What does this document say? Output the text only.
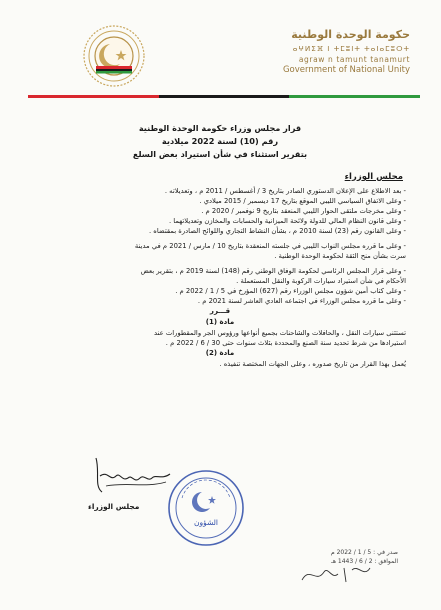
حكومة الوحدة الوطنية
ⴰⵖⵍⵉⴼ ⵏ ⵜⵎⵓⵏⵜ ⵜⴰⵏⴰⵎⵓⵔⵜ
agraw n tamunt tanamurt
Government of National Unity
قرار مجلس وزراء حكومة الوحدة الوطنية
رقم (10) لسنة 2022 ميلادية
بتقرير استثناء في شأن استيراد بعض السلع
مجلس الوزراء
- بعد الاطلاع على الإعلان الدستوري الصادر بتاريخ 3 / أغسطس / 2011 م ، وتعديلاته .
- وعلى الاتفاق السياسي الليبي الموقع بتاريخ 17 ديسمبر / 2015 ميلادي .
- وعلى مخرجات ملتقى الحوار الليبي المنعقد بتاريخ 9 نوفمبر / 2020 م .
- وعلى قانون النظام المالي للدولة ولائحة الميزانية والحسابات والمخازن وتعديلاتهما .
- وعلى القانون رقم (23) لسنة 2010 م ، بشأن النشاط التجاري واللوائح الصادرة بمقتضاه .
- وعلى ما قرره مجلس النواب الليبي في جلسته المنعقدة بتاريخ 10 / مارس / 2021 م في مدينة
سرت بشأن منح الثقة لحكومة الوحدة الوطنية .
- وعلى قرار المجلس الرئاسي لحكومة الوفاق الوطني رقم (148) لسنة 2019 م ، بتقرير بعض
الأحكام في شأن استيراد سيارات الركوبة والنقل المستعملة .
- وعلى كتاب أمين شؤون مجلس الوزراء رقم (627) المؤرخ في 5 / 1 / 2022 م .
- وعلى ما قرره مجلس الوزراء في اجتماعه العادي العاشر لسنة 2021 م .
قـــرر
مادة (1)
تستثنى سيارات النقل ، والحافلات والشاحنات بجميع أنواعها ورؤوس الجر والمقطورات عند
استيرادها من شرط تحديد سنة الصنع والمحددة بثلاث سنوات حتى 30 / 6 / 2022 م .
مادة (2)
يُعمل بهذا القرار من تاريخ صدوره ، وعلى الجهات المختصة تنفيذه .
مجلس الوزراء
الشؤون
صدر في : 5 / 1 / 2022 م
الموافق : 2 / 6 / 1443 هـ
